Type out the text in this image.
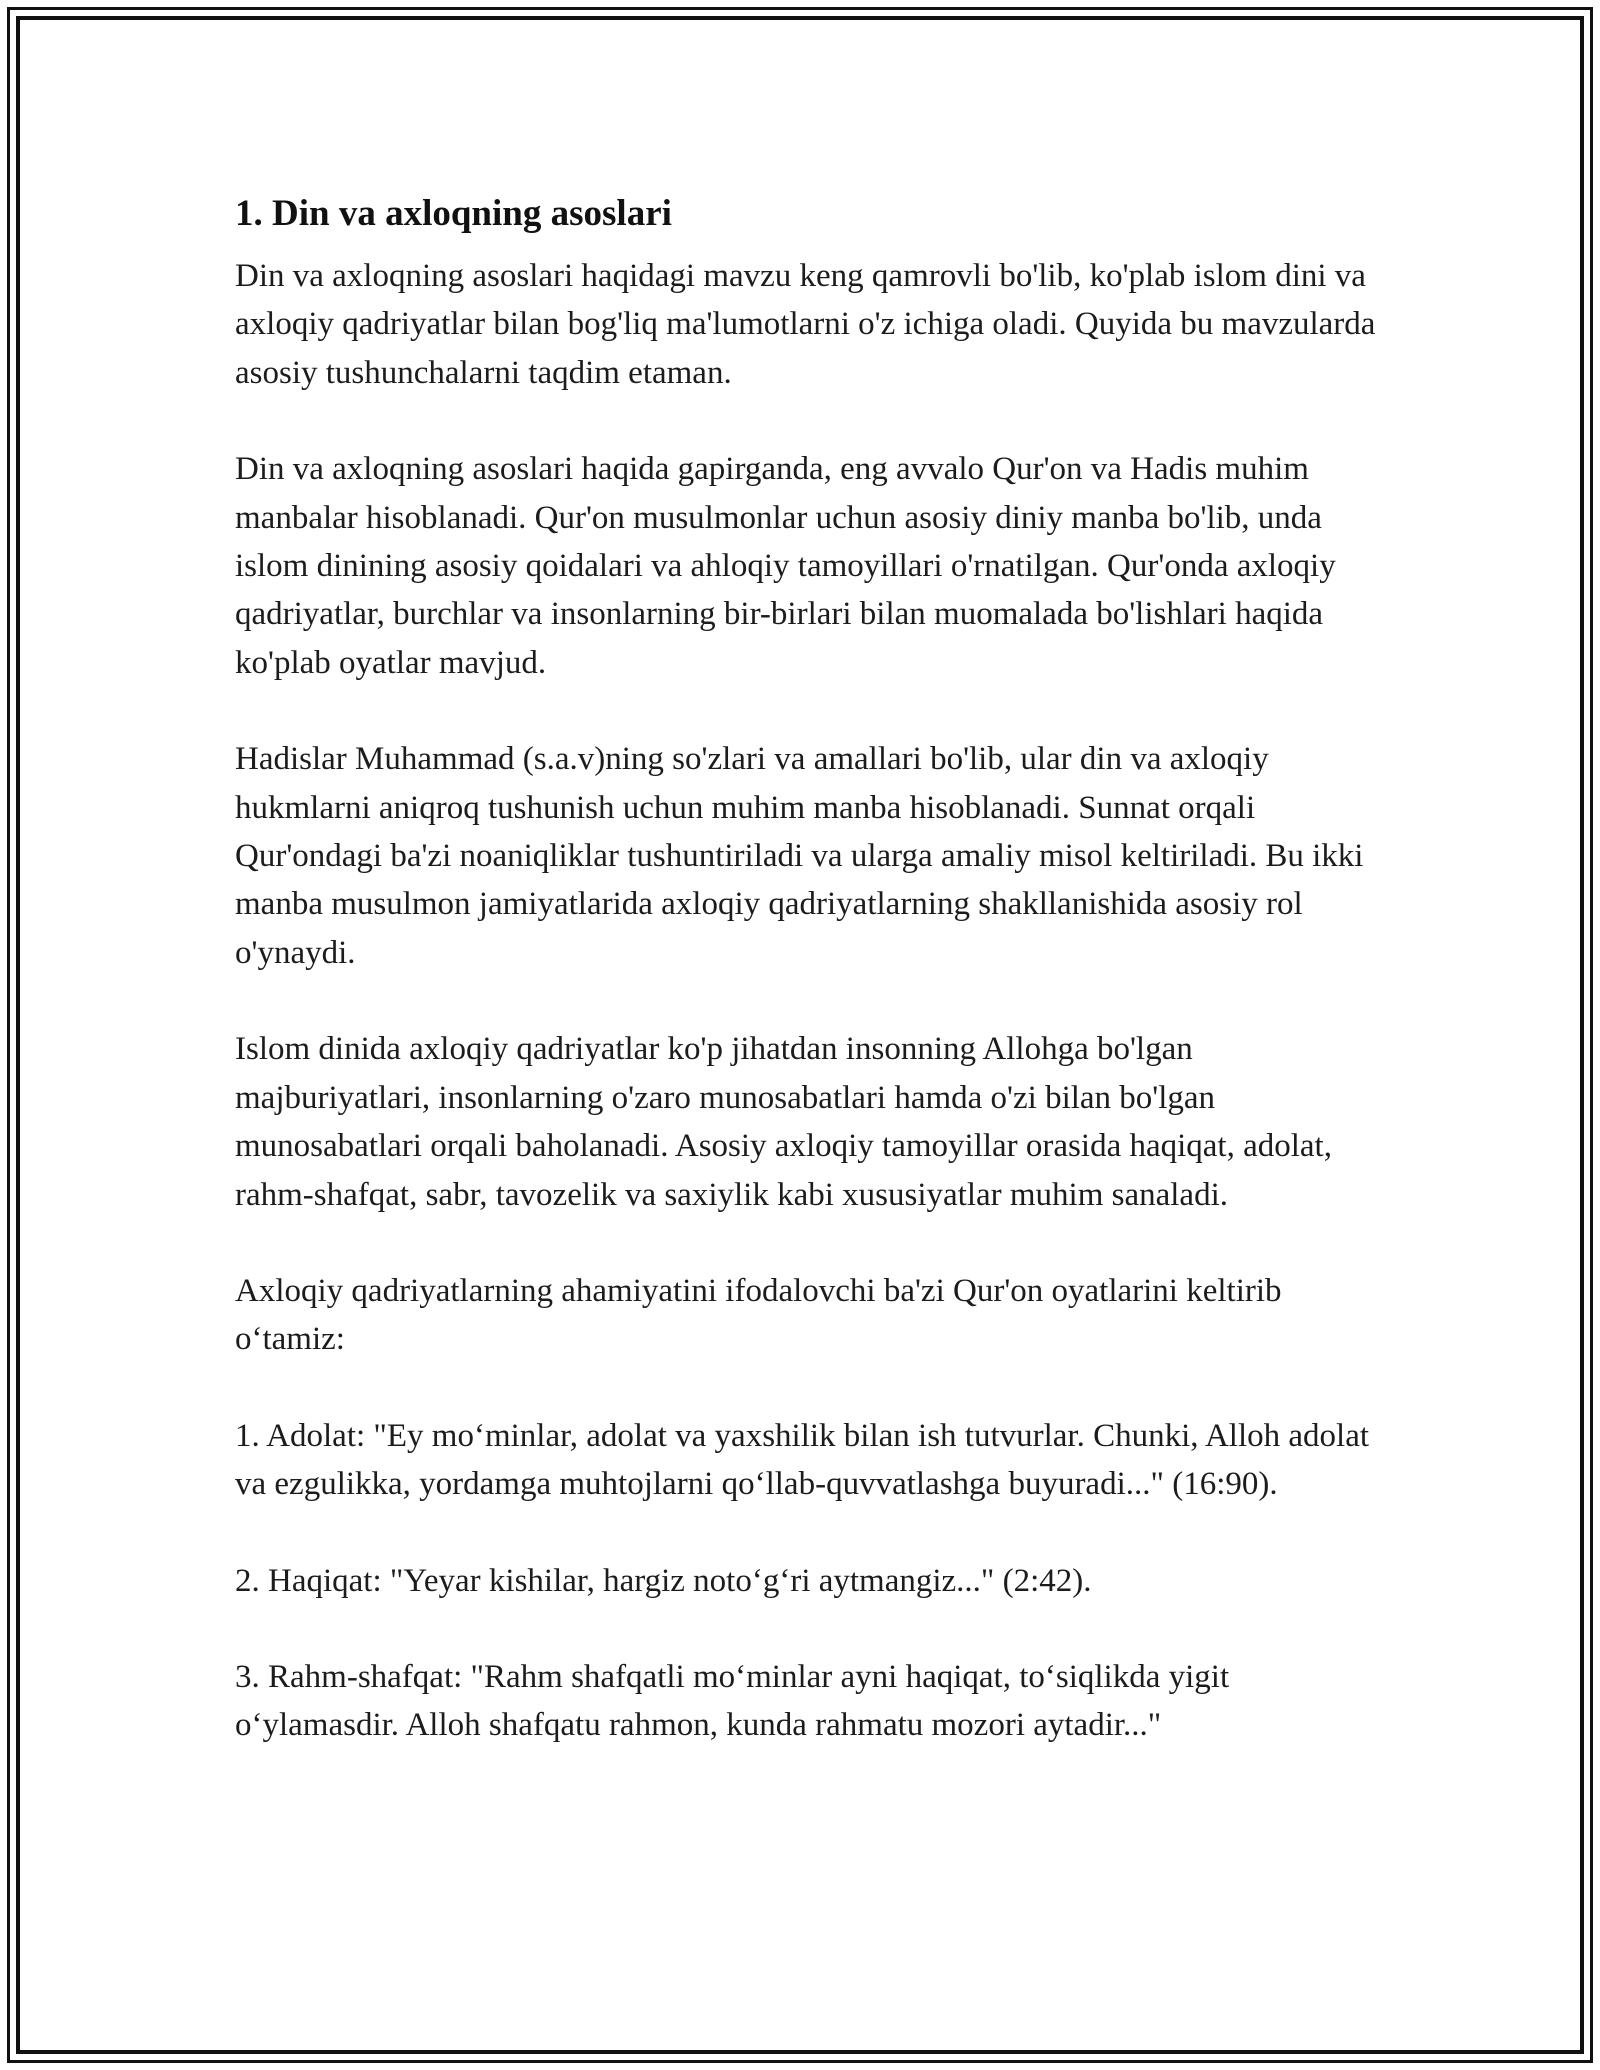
1. Din va axloqning asoslari

Din va axloqning asoslari haqidagi mavzu keng qamrovli bo'lib, ko'plab islom dini va axloqiy qadriyatlar bilan bog'liq ma'lumotlarni o'z ichiga oladi. Quyida bu mavzularda asosiy tushunchalarni taqdim etaman.

Din va axloqning asoslari haqida gapirganda, eng avvalo Qur'on va Hadis muhim manbalar hisoblanadi. Qur'on musulmonlar uchun asosiy diniy manba bo'lib, unda islom dinining asosiy qoidalari va ahloqiy tamoyillari o'rnatilgan. Qur'onda axloqiy qadriyatlar, burchlar va insonlarning bir-birlari bilan muomalada bo'lishlari haqida ko'plab oyatlar mavjud.

Hadislar Muhammad (s.a.v)ning so'zlari va amallari bo'lib, ular din va axloqiy hukmlarni aniqroq tushunish uchun muhim manba hisoblanadi. Sunnat orqali Qur'ondagi ba'zi noaniqliklar tushuntiriladi va ularga amaliy misol keltiriladi. Bu ikki manba musulmon jamiyatlarida axloqiy qadriyatlarning shakllanishida asosiy rol o'ynaydi.

Islom dinida axloqiy qadriyatlar ko'p jihatdan insonning Allohga bo'lgan majburiyatlari, insonlarning o'zaro munosabatlari hamda o'zi bilan bo'lgan munosabatlari orqali baholanadi. Asosiy axloqiy tamoyillar orasida haqiqat, adolat, rahm-shafqat, sabr, tavozelik va saxiylik kabi xususiyatlar muhim sanaladi.

Axloqiy qadriyatlarning ahamiyatini ifodalovchi ba'zi Qur'on oyatlarini keltirib oʻtamiz:

1. Adolat: "Ey moʻminlar, adolat va yaxshilik bilan ish tutvurlar. Chunki, Alloh adolat va ezgulikka, yordamga muhtojlarni qoʻllab-quvvatlashga buyuradi..." (16:90).

2. Haqiqat: "Yeyar kishilar, hargiz notoʻgʻri aytmangiz..." (2:42).

3. Rahm-shafqat: "Rahm shafqatli moʻminlar ayni haqiqat, toʻsiqlikda yigit oʻylamasdir. Alloh shafqatu rahmon, kunda rahmatu mozori aytadir..."
